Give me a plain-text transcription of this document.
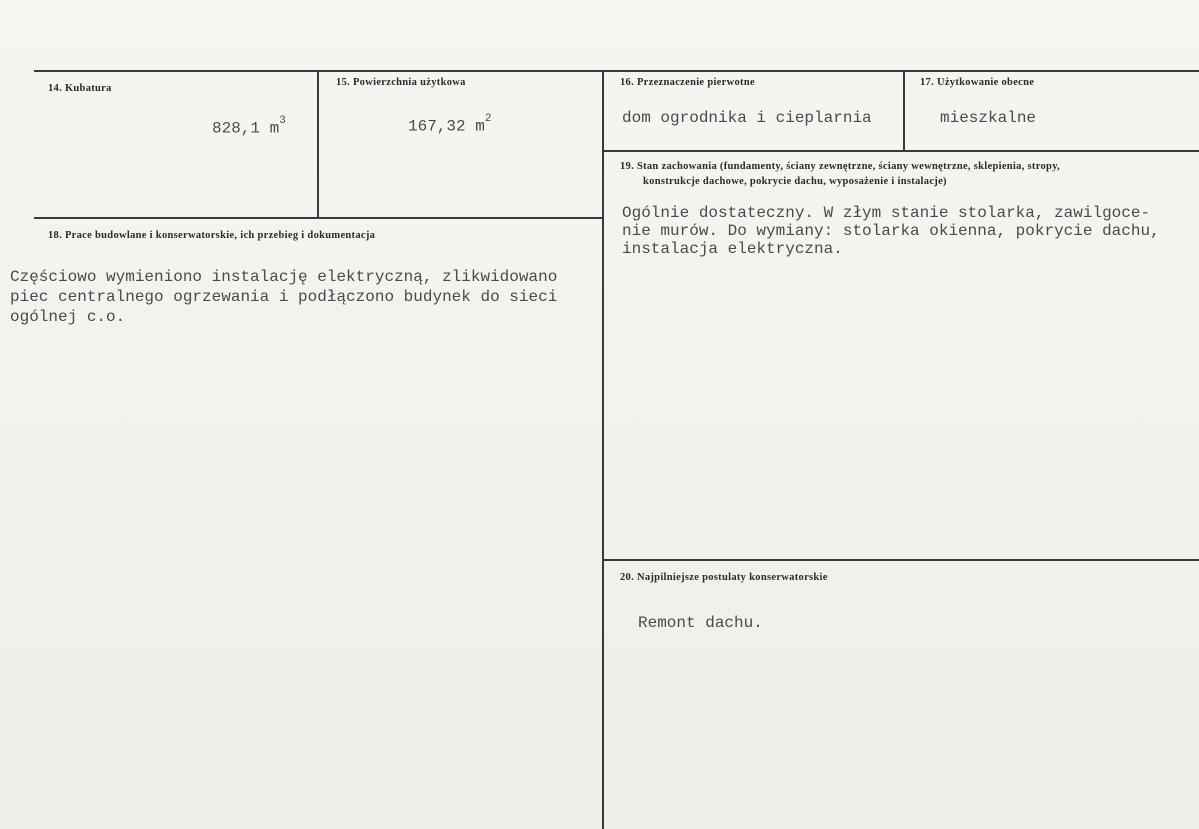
14. Kubatura
828,1 $m^3$
15. Powierzchnia użytkowa
167,32 $m^2$
16. Przeznaczenie pierwotne
dom ogrodnika i cieplarnia
17. Użytkowanie obecne
mieszkalne
19. Stan zachowania (fundamenty, ściany zewnętrzne, ściany wewnętrzne, sklepienia, stropy,
konstrukcje dachowe, pokrycie dachu, wyposażenie i instalacje)
Ogólnie dostateczny. W złym stanie stolarka, zawilgoce-
nie murów. Do wymiany: stolarka okienna, pokrycie dachu,
instalacja elektryczna.
18. Prace budowlane i konserwatorskie, ich przebieg i dokumentacja
Częściowo wymieniono instalację elektryczną, zlikwidowano
piec centralnego ogrzewania i podłączono budynek do sieci
ogólnej c.o.
20. Najpilniejsze postulaty konserwatorskie
Remont dachu.
